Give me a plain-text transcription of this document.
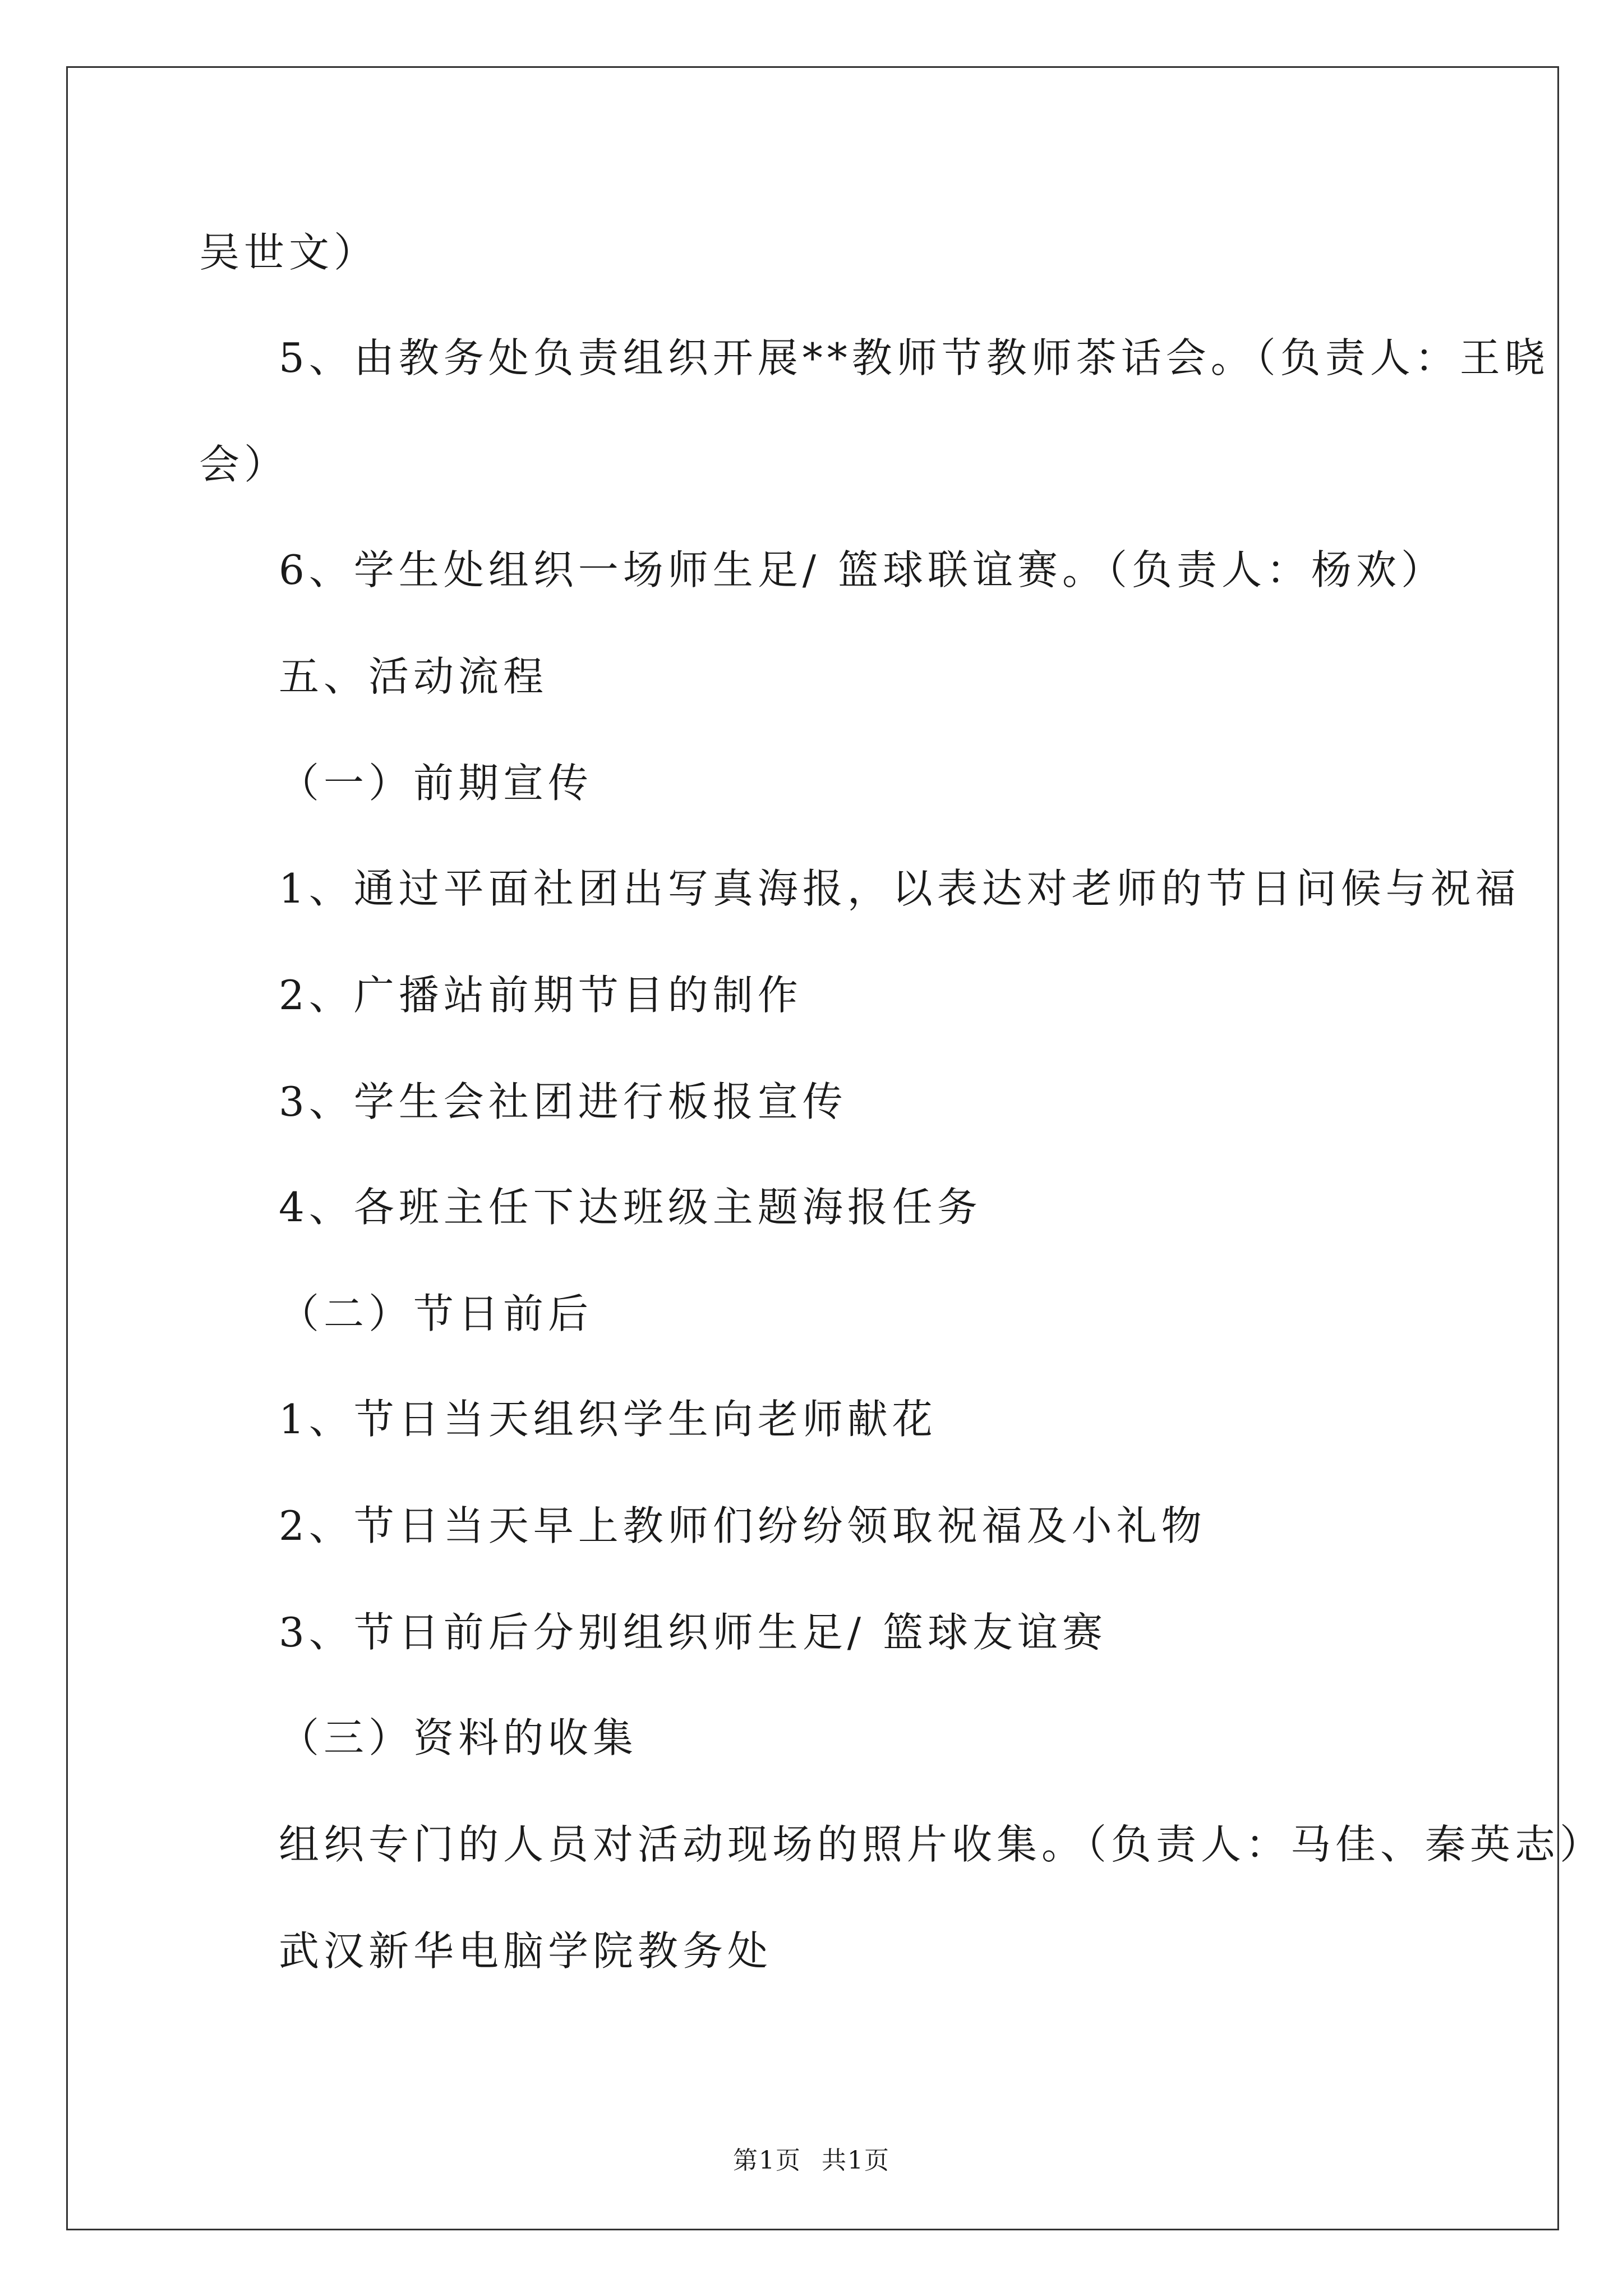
吴世文）
5、由教务处负责组织开展**教师节教师茶话会。（负责人：王晓
会）
6、学生处组织一场师生足/ 篮球联谊赛。（负责人：杨欢）
五、活动流程
（一）前期宣传
1、通过平面社团出写真海报，以表达对老师的节日问候与祝福
2、广播站前期节目的制作
3、学生会社团进行板报宣传
4、各班主任下达班级主题海报任务
（二）节日前后
1、节日当天组织学生向老师献花
2、节日当天早上教师们纷纷领取祝福及小礼物
3、节日前后分别组织师生足/ 篮球友谊赛
（三）资料的收集
组织专门的人员对活动现场的照片收集。（负责人：马佳、秦英志）
武汉新华电脑学院教务处
第1页 共1页
